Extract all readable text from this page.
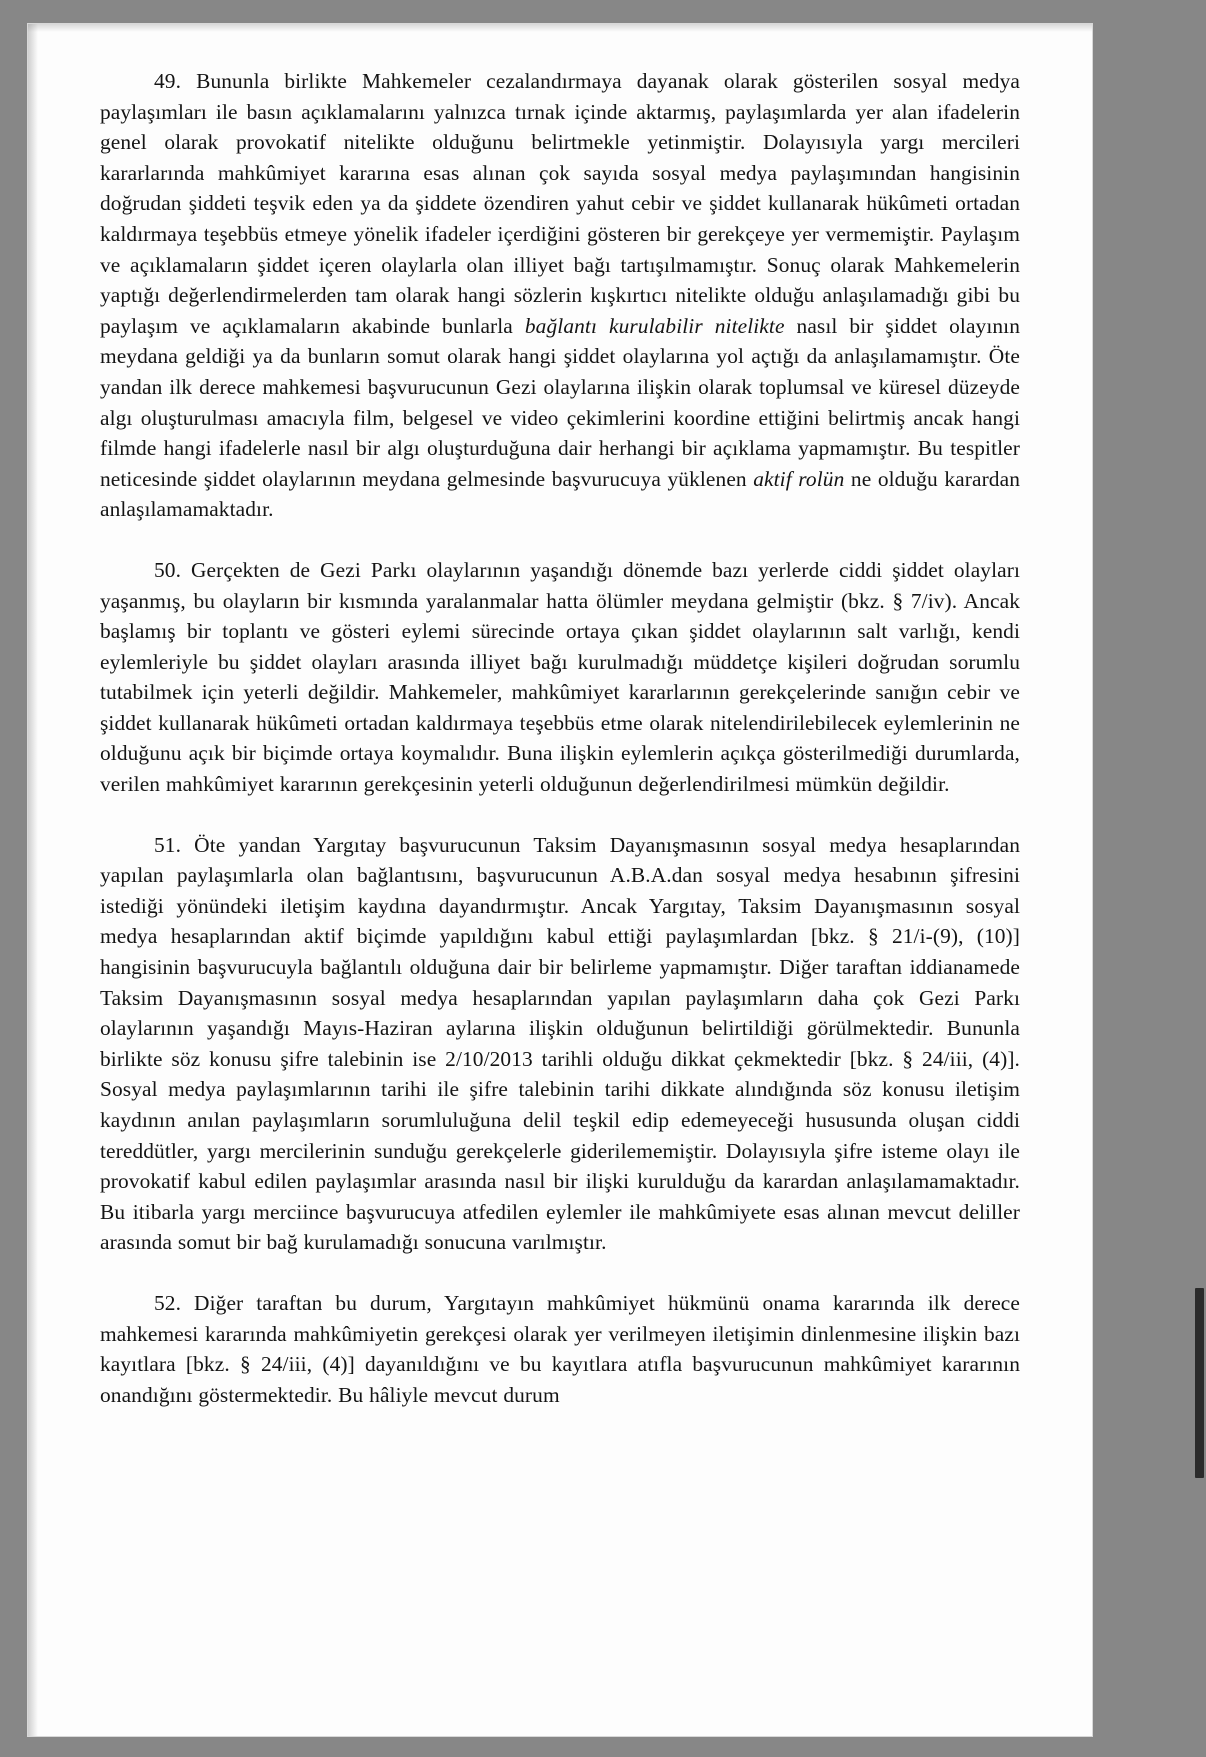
49. Bununla birlikte Mahkemeler cezalandırmaya dayanak olarak gösterilen sosyal medya paylaşımları ile basın açıklamalarını yalnızca tırnak içinde aktarmış, paylaşımlarda yer alan ifadelerin genel olarak provokatif nitelikte olduğunu belirtmekle yetinmiştir. Dolayısıyla yargı mercileri kararlarında mahkûmiyet kararına esas alınan çok sayıda sosyal medya paylaşımından hangisinin doğrudan şiddeti teşvik eden ya da şiddete özendiren yahut cebir ve şiddet kullanarak hükûmeti ortadan kaldırmaya teşebbüs etmeye yönelik ifadeler içerdiğini gösteren bir gerekçeye yer vermemiştir. Paylaşım ve açıklamaların şiddet içeren olaylarla olan illiyet bağı tartışılmamıştır. Sonuç olarak Mahkemelerin yaptığı değerlendirmelerden tam olarak hangi sözlerin kışkırtıcı nitelikte olduğu anlaşılamadığı gibi bu paylaşım ve açıklamaların akabinde bunlarla bağlantı kurulabilir nitelikte nasıl bir şiddet olayının meydana geldiği ya da bunların somut olarak hangi şiddet olaylarına yol açtığı da anlaşılamamıştır. Öte yandan ilk derece mahkemesi başvurucunun Gezi olaylarına ilişkin olarak toplumsal ve küresel düzeyde algı oluşturulması amacıyla film, belgesel ve video çekimlerini koordine ettiğini belirtmiş ancak hangi filmde hangi ifadelerle nasıl bir algı oluşturduğuna dair herhangi bir açıklama yapmamıştır. Bu tespitler neticesinde şiddet olaylarının meydana gelmesinde başvurucuya yüklenen aktif rolün ne olduğu karardan anlaşılamamaktadır.

50. Gerçekten de Gezi Parkı olaylarının yaşandığı dönemde bazı yerlerde ciddi şiddet olayları yaşanmış, bu olayların bir kısmında yaralanmalar hatta ölümler meydana gelmiştir (bkz. § 7/iv). Ancak başlamış bir toplantı ve gösteri eylemi sürecinde ortaya çıkan şiddet olaylarının salt varlığı, kendi eylemleriyle bu şiddet olayları arasında illiyet bağı kurulmadığı müddetçe kişileri doğrudan sorumlu tutabilmek için yeterli değildir. Mahkemeler, mahkûmiyet kararlarının gerekçelerinde sanığın cebir ve şiddet kullanarak hükûmeti ortadan kaldırmaya teşebbüs etme olarak nitelendirilebilecek eylemlerinin ne olduğunu açık bir biçimde ortaya koymalıdır. Buna ilişkin eylemlerin açıkça gösterilmediği durumlarda, verilen mahkûmiyet kararının gerekçesinin yeterli olduğunun değerlendirilmesi mümkün değildir.

51. Öte yandan Yargıtay başvurucunun Taksim Dayanışmasının sosyal medya hesaplarından yapılan paylaşımlarla olan bağlantısını, başvurucunun A.B.A.dan sosyal medya hesabının şifresini istediği yönündeki iletişim kaydına dayandırmıştır. Ancak Yargıtay, Taksim Dayanışmasının sosyal medya hesaplarından aktif biçimde yapıldığını kabul ettiği paylaşımlardan [bkz. § 21/i-(9), (10)] hangisinin başvurucuyla bağlantılı olduğuna dair bir belirleme yapmamıştır. Diğer taraftan iddianamede Taksim Dayanışmasının sosyal medya hesaplarından yapılan paylaşımların daha çok Gezi Parkı olaylarının yaşandığı Mayıs-Haziran aylarına ilişkin olduğunun belirtildiği görülmektedir. Bununla birlikte söz konusu şifre talebinin ise 2/10/2013 tarihli olduğu dikkat çekmektedir [bkz. § 24/iii, (4)]. Sosyal medya paylaşımlarının tarihi ile şifre talebinin tarihi dikkate alındığında söz konusu iletişim kaydının anılan paylaşımların sorumluluğuna delil teşkil edip edemeyeceği hususunda oluşan ciddi tereddütler, yargı mercilerinin sunduğu gerekçelerle giderilememiştir. Dolayısıyla şifre isteme olayı ile provokatif kabul edilen paylaşımlar arasında nasıl bir ilişki kurulduğu da karardan anlaşılamamaktadır. Bu itibarla yargı merciince başvurucuya atfedilen eylemler ile mahkûmiyete esas alınan mevcut deliller arasında somut bir bağ kurulamadığı sonucuna varılmıştır.

52. Diğer taraftan bu durum, Yargıtayın mahkûmiyet hükmünü onama kararında ilk derece mahkemesi kararında mahkûmiyetin gerekçesi olarak yer verilmeyen iletişimin dinlenmesine ilişkin bazı kayıtlara [bkz. § 24/iii, (4)] dayanıldığını ve bu kayıtlara atıfla başvurucunun mahkûmiyet kararının onandığını göstermektedir. Bu hâliyle mevcut durum
